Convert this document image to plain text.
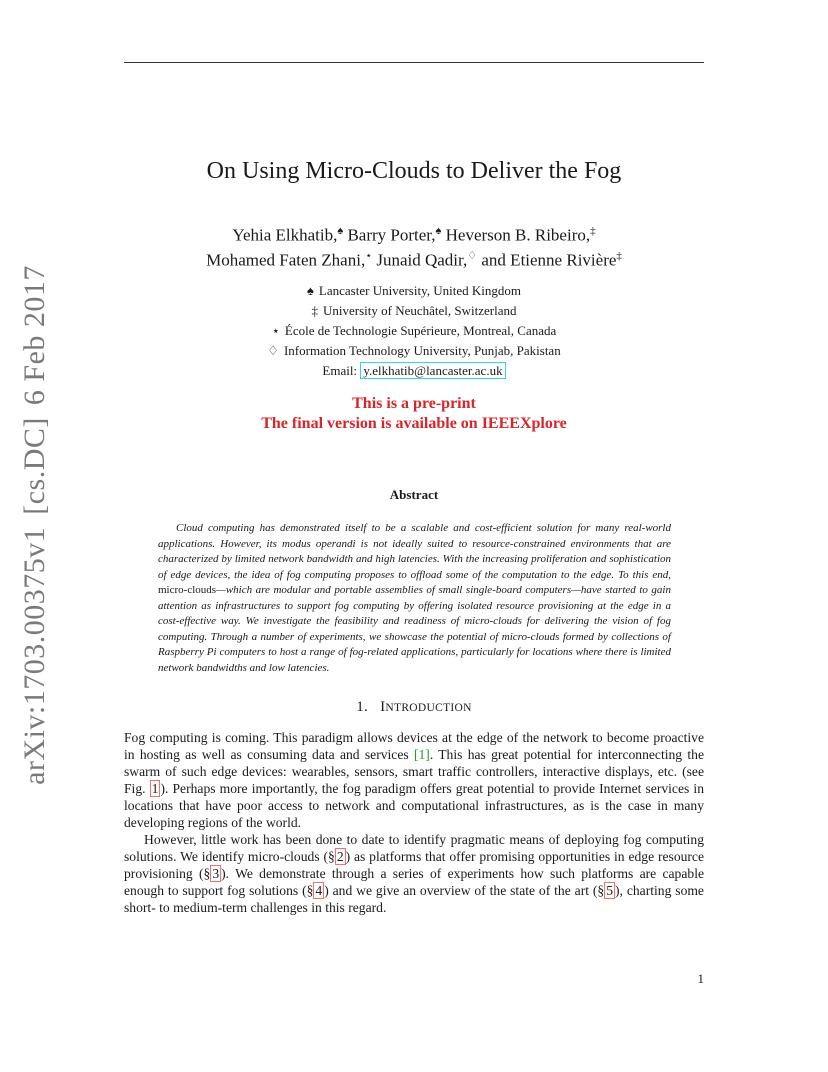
arXiv:1703.00375v1[cs.DC]6 Feb 2017
On Using Micro-Clouds to Deliver the Fog
Yehia Elkhatib,♠ Barry Porter,♠ Heverson B. Ribeiro,‡
Mohamed Faten Zhani,⋆ Junaid Qadir,♢ and Etienne Rivière‡
♠ Lancaster University, United Kingdom
‡ University of Neuchâtel, Switzerland
⋆ École de Technologie Supérieure, Montreal, Canada
♢ Information Technology University, Punjab, Pakistan
Email: y.elkhatib@lancaster.ac.uk
This is a pre-print
The final version is available on IEEEXplore
Abstract
Cloud computing has demonstrated itself to be a scalable and cost-efficient solution for many real-world applications. However, its modus operandi is not ideally suited to resource-constrained environments that are characterized by limited network bandwidth and high latencies. With the increasing proliferation and sophistication of edge devices, the idea of fog computing proposes to offload some of the computation to the edge. To this end, micro-clouds—which are modular and portable assemblies of small single-board computers—have started to gain attention as infrastructures to support fog computing by offering isolated resource provisioning at the edge in a cost-effective way. We investigate the feasibility and readiness of micro-clouds for delivering the vision of fog computing. Through a number of experiments, we showcase the potential of micro-clouds formed by collections of Raspberry Pi computers to host a range of fog-related applications, particularly for locations where there is limited network bandwidths and low latencies.
1. INTRODUCTION

Fog computing is coming. This paradigm allows devices at the edge of the network to become proactive in hosting as well as consuming data and services [1]. This has great potential for interconnecting the swarm of such edge devices: wearables, sensors, smart traffic controllers, interactive displays, etc. (see Fig. 1 ). Perhaps more importantly, the fog paradigm offers great potential to provide Internet services in locations that have poor access to network and computational infrastructures, as is the case in many developing regions of the world.

However, little work has been done to date to identify pragmatic means of deploying fog computing solutions. We identify micro-clouds (§ 2 ) as platforms that offer promising opportunities in edge resource provisioning (§ 3 ). We demonstrate through a series of experiments how such platforms are capable enough to support fog solutions (§ 4 ) and we give an overview of the state of the art (§ 5 ), charting some short- to medium-term challenges in this regard.

1
